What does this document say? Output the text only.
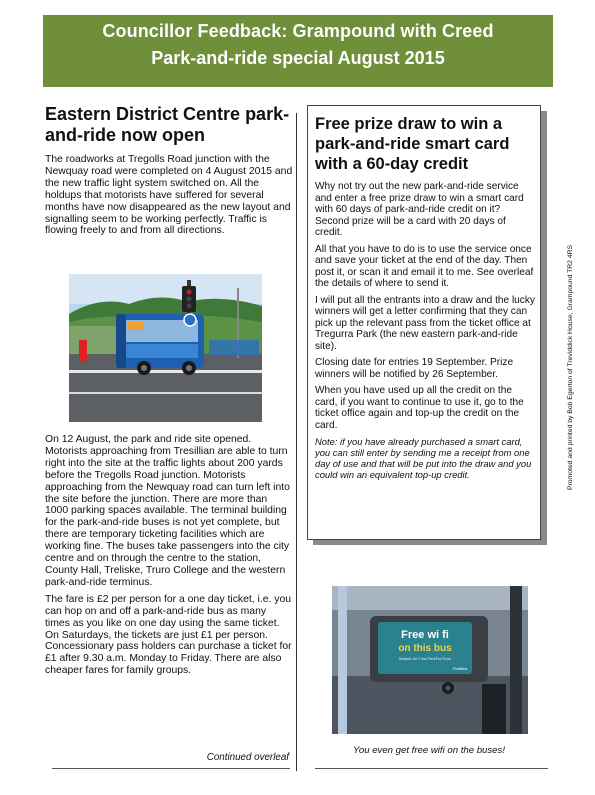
Councillor Feedback: Grampound with Creed
Park-and-ride special August 2015
Eastern District Centre park-and-ride now open

The roadworks at Tregolls Road junction with the Newquay road were completed on 4 August 2015 and the new traffic light system switched on. All the holdups that motorists have suffered for several months have now disappeared as the new layout and signalling seem to be working perfectly. Traffic is flowing freely to and from all directions.

On 12 August, the park and ride site opened. Motorists approaching from Tresillian are able to turn right into the site at the traffic lights about 200 yards before the Tregolls Road junction. Motorists approaching from the Newquay road can turn left into the site before the junction. There are more than 1000 parking spaces available. The terminal building for the park-and-ride buses is not yet complete, but there are temporary ticketing facilities which are working fine. The buses take passengers into the city centre and on through the centre to the station, County Hall, Treliske, Truro College and the western park-and-ride terminus.

The fare is £2 per person for a one day ticket, i.e. you can hop on and off a park-and-ride bus as many times as you like on one day using the same ticket. On Saturdays, the tickets are just £1 per person. Concessionary pass holders can purchase a ticket for £1 after 9.30 a.m. Monday to Friday. There are also cheaper fares for family groups.

Free prize draw to win a park-and-ride smart card with a 60-day credit

Why not try out the new park-and-ride service and enter a free prize draw to win a smart card with 60 days of park-and-ride credit on it? Second prize will be a card with 20 days of credit.

All that you have to do is to use the service once and save your ticket at the end of the day. Then post it, or scan it and email it to me. See overleaf the details of where to send it.

I will put all the entrants into a draw and the lucky winners will get a letter confirming that they can pick up the relevant pass from the ticket office at Tregurra Park (the new eastern park-and-ride site).

Closing date for entries 19 September. Prize winners will be notified by 26 September.

When you have used up all the credit on the card, if you want to continue to use it, go to the ticket office again and top-up the credit on the card.

Note: if you have already purchased a smart card, you can still enter by sending me a receipt from one day of use and that will be put into the draw and you could win an equivalent top-up credit.

Free wi fi
on this bus
Search for First-ParkForTruro
FirstBus
You even get free wifi on the buses!
Continued overleaf
Promoted and printed by Bob Egerton of Treviddick House, Grampound TR2 4RS
